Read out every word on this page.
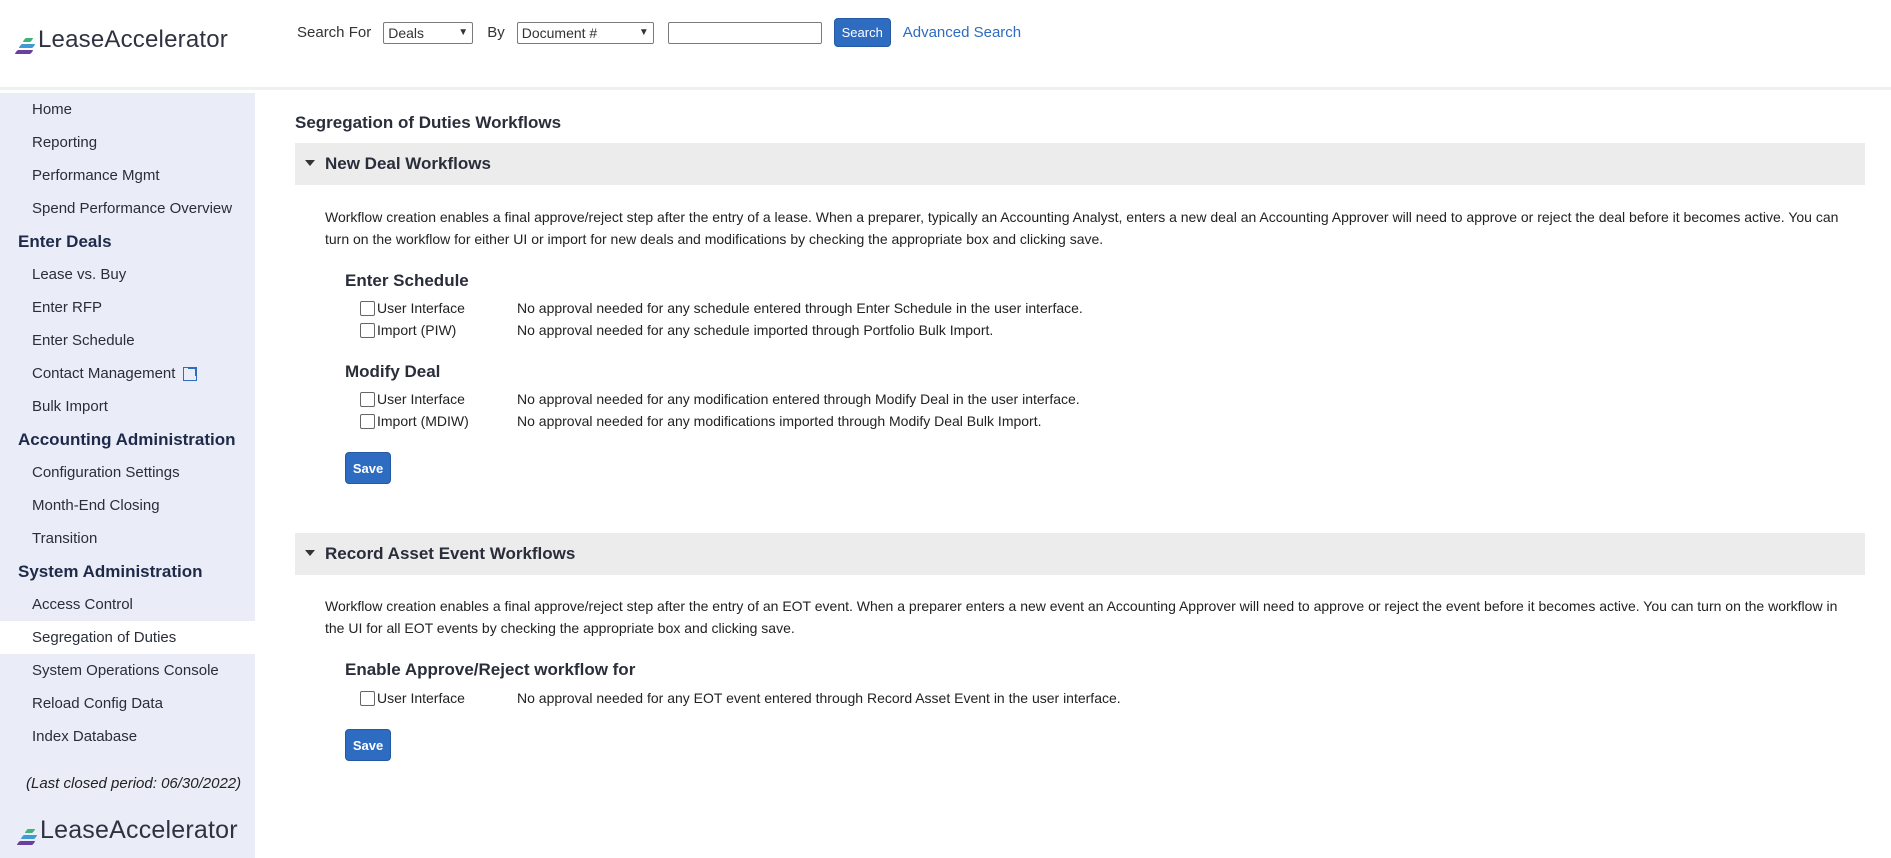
LeaseAccelerator	Search For Deals	▼ By Document #	▼	Search	Advanced Search
Home
Reporting
Performance Mgmt
Spend Performance Overview
Enter Deals
Lease vs. Buy
Enter RFP
Enter Schedule
Contact Management
Bulk Import
Accounting Administration
Configuration Settings
Month-End Closing
Transition
System Administration
Access Control
Segregation of Duties
System Operations Console
Reload Config Data
Index Database
(Last closed period: 06/30/2022)
LeaseAccelerator
Segregation of Duties Workflows
New Deal Workflows
Workflow creation enables a final approve/reject step after the entry of a lease. When a preparer, typically an Accounting Analyst, enters a new deal an Accounting Approver will need to approve or reject the deal before it becomes active. You can turn on the workflow for either UI or import for new deals and modifications by checking the appropriate box and clicking save.
Enter Schedule
User Interface	No approval needed for any schedule entered through Enter Schedule in the user interface.
Import (PIW)	No approval needed for any schedule imported through Portfolio Bulk Import.
Modify Deal
User Interface	No approval needed for any modification entered through Modify Deal in the user interface.
Import (MDIW)	No approval needed for any modifications imported through Modify Deal Bulk Import.
Save
Record Asset Event Workflows
Workflow creation enables a final approve/reject step after the entry of an EOT event. When a preparer enters a new event an Accounting Approver will need to approve or reject the event before it becomes active. You can turn on the workflow in the UI for all EOT events by checking the appropriate box and clicking save.
Enable Approve/Reject workflow for
User Interface	No approval needed for any EOT event entered through Record Asset Event in the user interface.
Save
